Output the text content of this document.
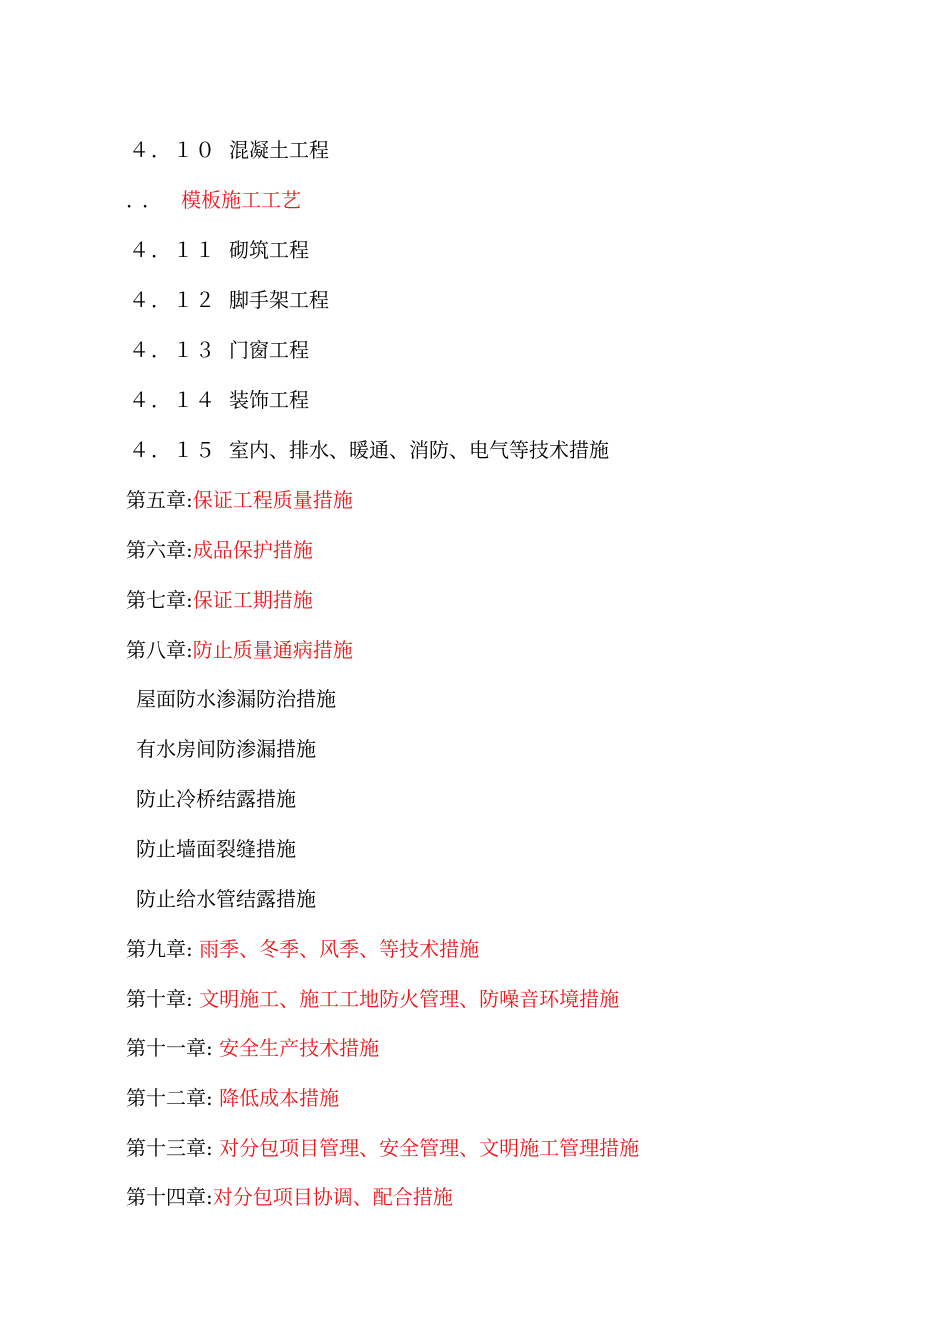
４．１０ 混凝土工程
．． 模板施工工艺
４．１１ 砌筑工程
４．１２ 脚手架工程
４．１３ 门窗工程
４．１４ 装饰工程
４．１５ 室内、排水、暖通、消防、电气等技术措施
第五章:保证工程质量措施
第六章:成品保护措施
第七章:保证工期措施
第八章:防止质量通病措施
屋面防水渗漏防治措施
有水房间防渗漏措施
防止冷桥结露措施
防止墙面裂缝措施
防止给水管结露措施
第九章: 雨季、冬季、风季、等技术措施
第十章: 文明施工、施工工地防火管理、防噪音环境措施
第十一章: 安全生产技术措施
第十二章: 降低成本措施
第十三章: 对分包项目管理、安全管理、文明施工管理措施
第十四章:对分包项目协调、配合措施
